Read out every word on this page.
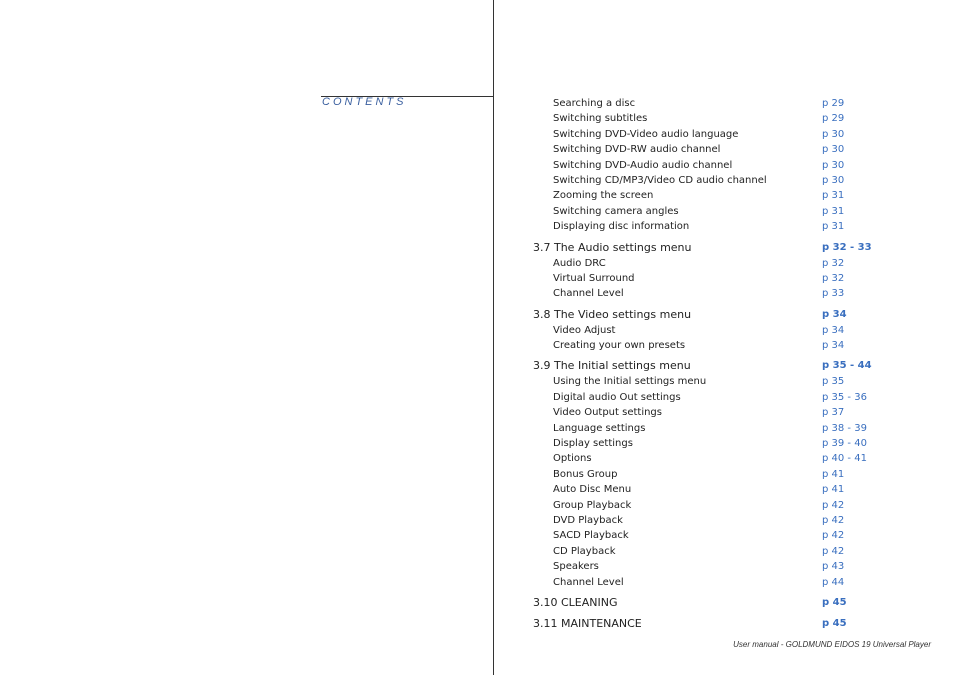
CONTENTS	Searching a disc	p 29
Switching subtitles	p 29
Switching DVD-Video audio language	p 30
Switching DVD-RW audio channel	p 30
Switching DVD-Audio audio channel	p 30
Switching CD/MP3/Video CD audio channel	p 30
Zooming the screen	p 31
Switching camera angles	p 31
Displaying disc information	p 31
3.7 The Audio settings menu	p 32 - 33
Audio DRC	p 32
Virtual Surround	p 32
Channel Level	p 33
3.8 The Video settings menu	p 34
Video Adjust	p 34
Creating your own presets	p 34
3.9 The Initial settings menu	p 35 - 44
Using the Initial settings menu	p 35
Digital audio Out settings	p 35 - 36
Video Output settings	p 37
Language settings	p 38 - 39
Display settings	p 39 - 40
Options	p 40 - 41
Bonus Group	p 41
Auto Disc Menu	p 41
Group Playback	p 42
DVD Playback	p 42
SACD Playback	p 42
CD Playback	p 42
Speakers	p 43
Channel Level	p 44
3.10 CLEANING	p 45
3.11 MAINTENANCE	p 45
User manual - GOLDMUND EIDOS 19 Universal Player
